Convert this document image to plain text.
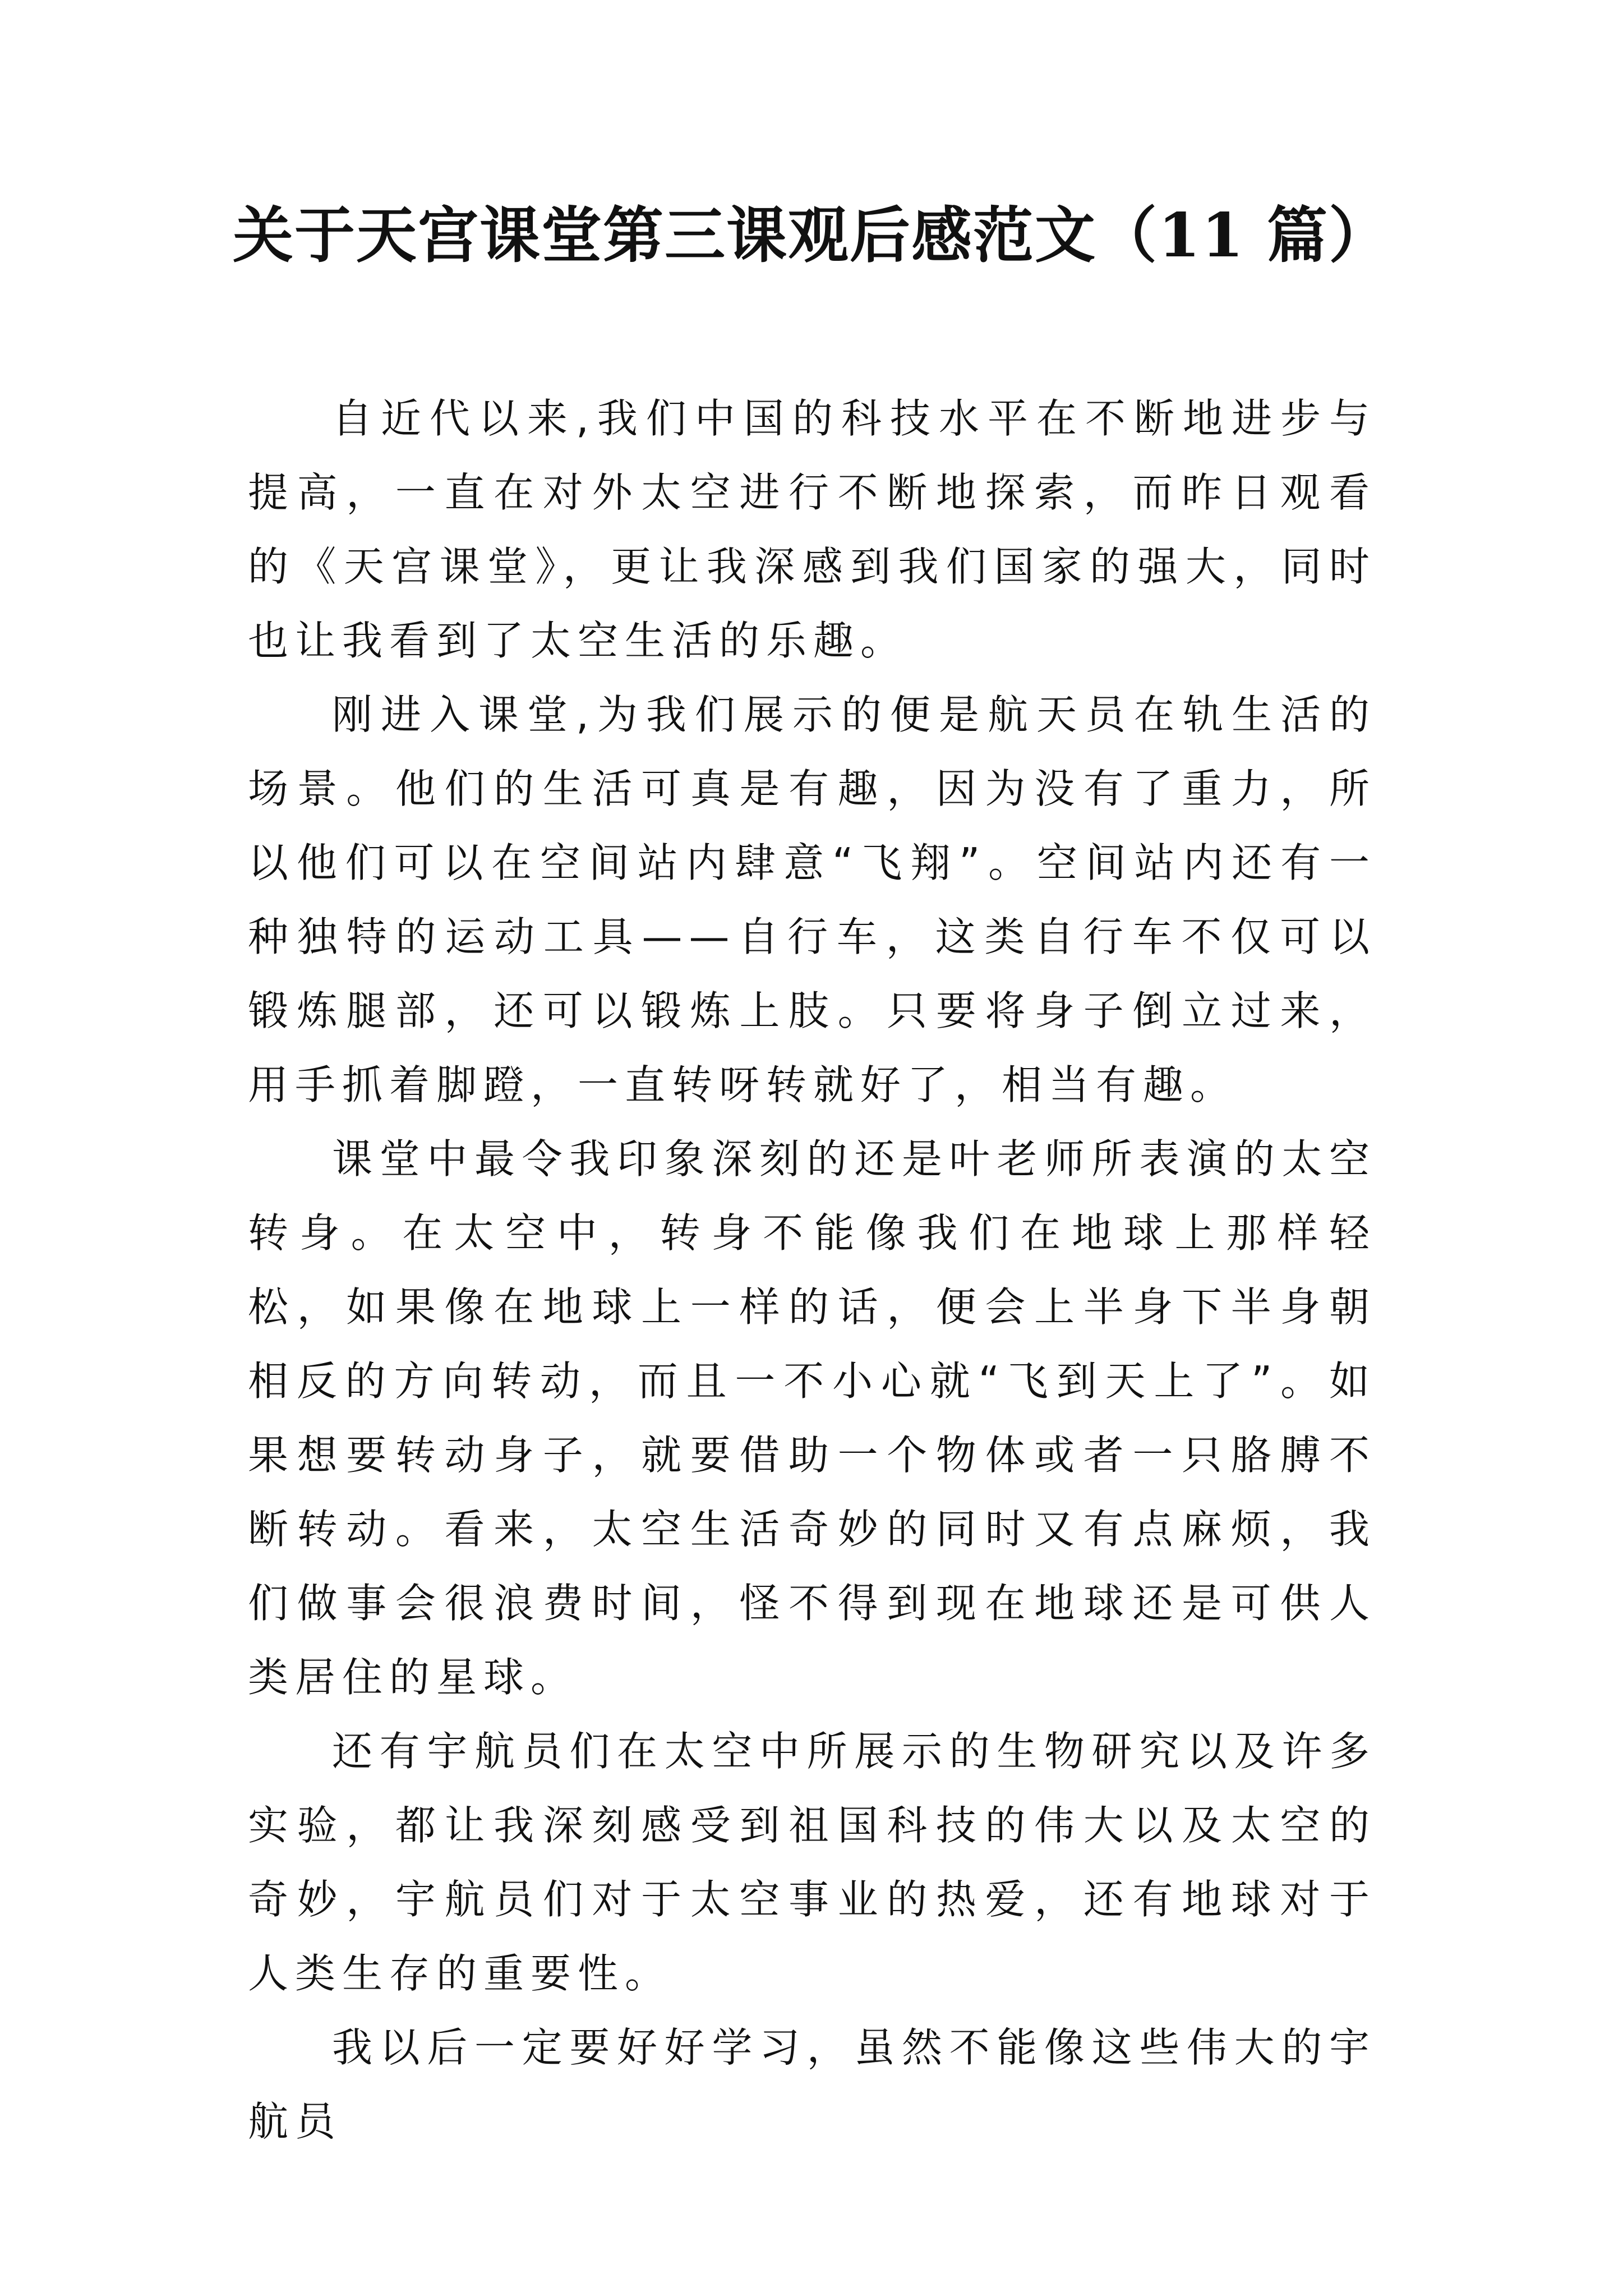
关于天宫课堂第三课观后感范文（11 篇）

自近代以来,我们中国的科技水平在不断地进步与提高，一直在对外太空进行不断地探索，而昨日观看的《天宫课堂》，更让我深感到我们国家的强大，同时也让我看到了太空生活的乐趣。

刚进入课堂,为我们展示的便是航天员在轨生活的场景。他们的生活可真是有趣，因为没有了重力，所以他们可以在空间站内肆意“飞翔”。空间站内还有一种独特的运动工具——自行车，这类自行车不仅可以锻炼腿部，还可以锻炼上肢。只要将身子倒立过来，用手抓着脚蹬，一直转呀转就好了，相当有趣。

课堂中最令我印象深刻的还是叶老师所表演的太空转身。在太空中，转身不能像我们在地球上那样轻松，如果像在地球上一样的话，便会上半身下半身朝相反的方向转动，而且一不小心就“飞到天上了”。如果想要转动身子，就要借助一个物体或者一只胳膊不断转动。看来，太空生活奇妙的同时又有点麻烦，我们做事会很浪费时间，怪不得到现在地球还是可供人类居住的星球。

还有宇航员们在太空中所展示的生物研究以及许多实验，都让我深刻感受到祖国科技的伟大以及太空的奇妙，宇航员们对于太空事业的热爱，还有地球对于人类生存的重要性。

我以后一定要好好学习，虽然不能像这些伟大的宇航员
